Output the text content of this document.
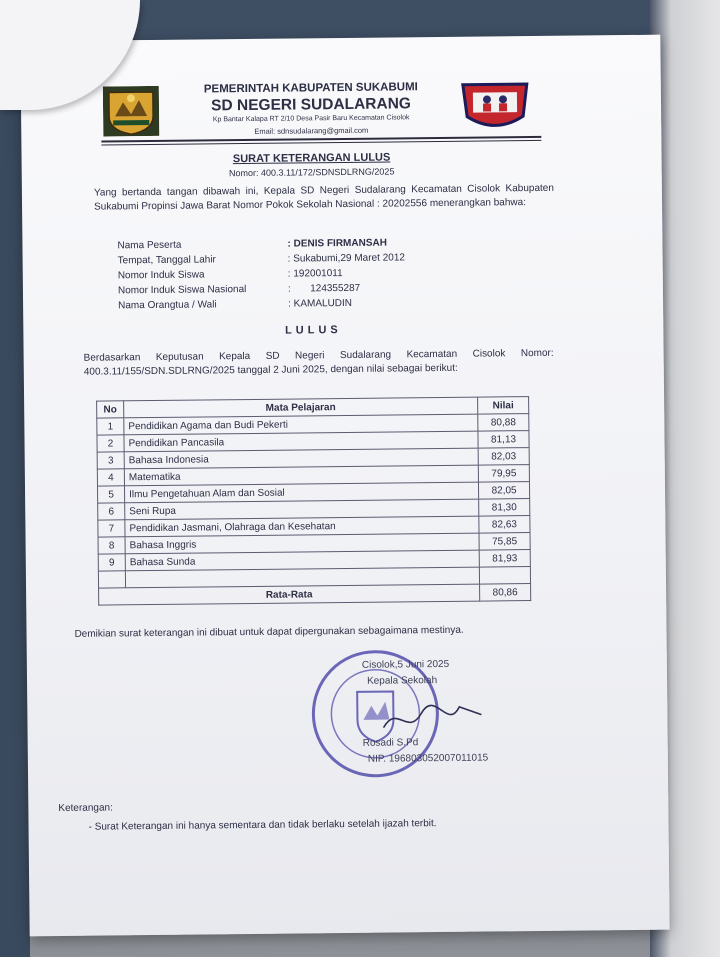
PEMERINTAH KABUPATEN SUKABUMI
SD NEGERI SUDALARANG
Kp Bantar Kalapa RT 2/10 Desa Pasir Baru Kecamatan Cisolok
Email: sdnsudalarang@gmail.com
SURAT KETERANGAN LULUS
Nomor: 400.3.11/172/SDNSDLRNG/2025
Yang bertanda tangan dibawah ini, Kepala SD Negeri Sudalarang Kecamatan Cisolok Kabupaten Sukabumi Propinsi Jawa Barat Nomor Pokok Sekolah Nasional : 20202556 menerangkan bahwa:
Nama Peserta	: DENIS FIRMANSAH
Tempat, Tanggal Lahir	: Sukabumi,29 Maret 2012
Nomor Induk Siswa	: 192001011
Nomor Induk Siswa Nasional	:       124355287
Nama Orangtua / Wali	: KAMALUDIN
LULUS
Berdasarkan Keputusan Kepala SD Negeri Sudalarang Kecamatan Cisolok Nomor: 400.3.11/155/SDN.SDLRNG/2025 tanggal 2 Juni 2025, dengan nilai sebagai berikut:
No	Mata Pelajaran	Nilai
1	Pendidikan Agama dan Budi Pekerti	80,88
2	Pendidikan Pancasila	81,13
3	Bahasa Indonesia	82,03
4	Matematika	79,95
5	Ilmu Pengetahuan Alam dan Sosial	82,05
6	Seni Rupa	81,30
7	Pendidikan Jasmani, Olahraga dan Kesehatan	82,63
8	Bahasa Inggris	75,85
9	Bahasa Sunda	81,93

Rata-Rata		80,86
Demikian surat keterangan ini dibuat untuk dapat dipergunakan sebagaimana mestinya.
Cisolok,5 Juni 2025
Kepala Sekolah
Rosadi S.Pd
NIP. 196803052007011015
Keterangan:
- Surat Keterangan ini hanya sementara dan tidak berlaku setelah ijazah terbit.
